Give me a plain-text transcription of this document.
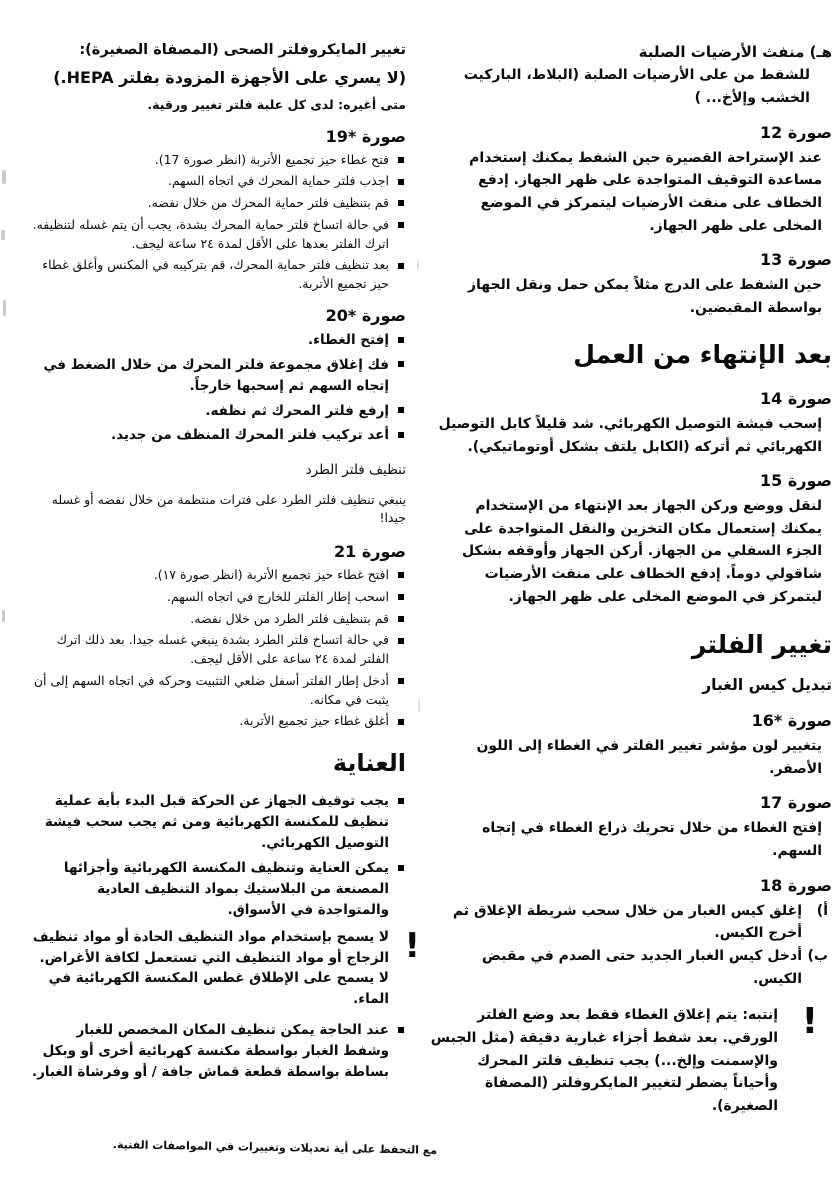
هـ) منفث الأرضيات الصلبة
للشفط من على الأرضيات الصلبة (البلاط، الباركيت الخشب وإلأخ... )
صورة 12

عند الإستراحة القصيرة حين الشفط يمكنك إستخدام مساعدة التوقيف المتواجدة على ظهر الجهاز. إدفع الخطاف على منفث الأرضيات ليتمركز في الموضع المخلى على ظهر الجهاز.

صورة 13

حين الشفط على الدرج مثلاً يمكن حمل ونقل الجهاز بواسطة المقبضين.

بعد الإنتهاء من العمل
صورة 14

إسحب فيشة التوصيل الكهربائي. شد قليلاً كابل التوصيل الكهربائي ثم أتركه (الكابل يلتف بشكل أوتوماتيكي).

صورة 15

لنقل ووضع وركن الجهاز بعد الإنتهاء من الإستخدام يمكنك إستعمال مكان التخزين والنقل المتواجدة على الجزء السفلي من الجهاز. أركن الجهاز وأوقفه بشكل شاقولي دوماً. إدفع الخطاف على منفث الأرضيات ليتمركز في الموضع المخلى على ظهر الجهاز.

تغيير الفلتر
تبديل كيس الغبار
صورة *16

يتغيير لون مؤشر تغيير الفلتر في الغطاء إلى اللون الأصفر.

صورة 17

إفتح الغطاء من خلال تحريك ذراع الغطاء في إتجاه السهم.

صورة 18
أ)
إغلق كيس الغبار من خلال سحب شريطة الإغلاق ثم أخرج الكيس.
ب)
أدخل كيس الغبار الجديد حتى الصدم في مقبض الكيس.
!
إنتبه: يتم إغلاق الغطاء فقط بعد وضع الفلتر الورقي. بعد شفط أجزاء غبارية دقيقة (مثل الجبس والإسمنت وإلخ...) يجب تنظيف فلتر المحرك وأحياناً يضطر لتغيير المايكروفلتر (المصفاة الصغيرة).
تغيير المايكروفلتر الصحى (المصفاة الصغيرة):
(لا يسري على الأجهزة المزودة بفلتر HEPA.)
متى أغيره: لدى كل علبة فلتر تغيير ورقية.
صورة *19
فتح غطاء حيز تجميع الأتربة (انظر صورة 17).
اجذب فلتر حماية المحرك في اتجاه السهم.
قم بتنظيف فلتر حماية المحرك من خلال نفضه.
في حالة اتساخ فلتر حماية المحرك بشدة، يجب أن يتم غسله لتنظيفه. اترك الفلتر بعدها على الأقل لمدة ٢٤ ساعة ليجف.
بعد تنظيف فلتر حماية المحرك، قم بتركيبه في المكنس وأغلق غطاء حيز تجميع الأتربة.
صورة *20
إفتح الغطاء.
فك إغلاق مجموعة فلتر المحرك من خلال الضغط في إتجاه السهم ثم إسحبها خارجاً.
إرفع فلتر المحرك ثم نظفه.
أعد تركيب فلتر المحرك المنظف من جديد.
تنظيف فلتر الطرد

ينبغي تنظيف فلتر الطرد على فترات منتظمة من خلال نفضه أو غسله جيدا!

صورة 21
افتح غطاء حيز تجميع الأتربة (انظر صورة ١٧).
اسحب إطار الفلتر للخارج في اتجاه السهم.
قم بتنظيف فلتر الطرد من خلال نفضه.
في حالة اتساخ فلتر الطرد بشدة ينبغي غسله جيدا. بعد ذلك اترك الفلتر لمدة ٢٤ ساعة على الأقل ليجف.
أدخل إطار الفلتر أسفل ضلعي التثبيت وحركه في اتجاه السهم إلى أن يثبت في مكانه.
أغلق غطاء حيز تجميع الأتربة.
العناية
يجب توقيف الجهاز عن الحركة قبل البدء بأية عملية تنظيف للمكنسة الكهربائية ومن ثم يجب سحب فيشة التوصيل الكهربائي.
يمكن العناية وتنظيف المكنسة الكهربائية وأجزائها المصنعة من البلاستيك بمواد التنظيف العادية والمتواجدة في الأسواق.
!
لا يسمح بإستخدام مواد التنظيف الحادة أو مواد تنظيف الزجاج أو مواد التنظيف التي تستعمل لكافة الأغراض. لا يسمح على الإطلاق غطس المكنسة الكهربائية في الماء.
عند الحاجة يمكن تنظيف المكان المخصص للغبار وشفط الغبار بواسطة مكنسة كهربائية أخرى أو وبكل بساطة بواسطة قطعة قماش جافة / أو وفرشاة الغبار.
مع التحفظ على أية تعديلات وتغييرات في المواصفات الفنية.
